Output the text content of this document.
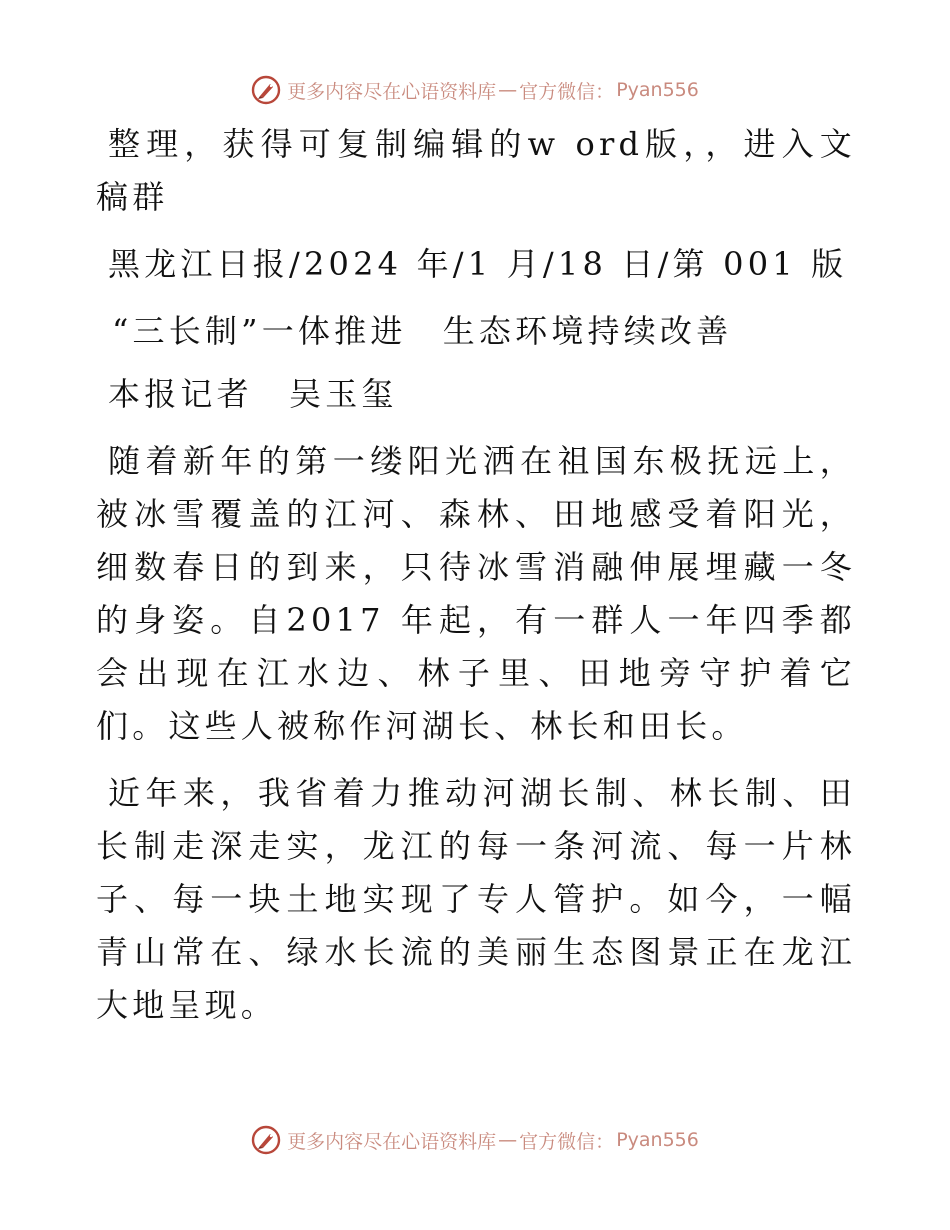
更多内容尽在心语资料库 — 官方微信： Pyan556

整理，获得可复制编辑的w ord版，，进入文稿群

黑龙江日报/2024 年/1 月/18 日/第 001 版

“三长制”一体推进　生态环境持续改善

本报记者　吴玉玺

随着新年的第一缕阳光洒在祖国东极抚远上，被冰雪覆盖的江河、森林、田地感受着阳光，细数春日的到来，只待冰雪消融伸展埋藏一冬的身姿。自2017 年起，有一群人一年四季都会出现在江水边、林子里、田地旁守护着它们。这些人被称作河湖长、林长和田长。

近年来，我省着力推动河湖长制、林长制、田长制走深走实，龙江的每一条河流、每一片林子、每一块土地实现了专人管护。如今，一幅青山常在、绿水长流的美丽生态图景正在龙江大地呈现。

更多内容尽在心语资料库 — 官方微信： Pyan556
